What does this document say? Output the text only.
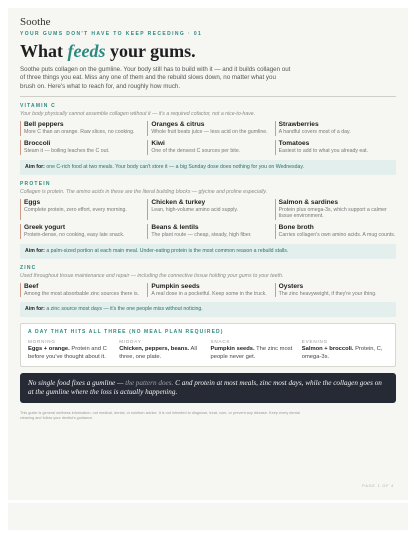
Soothe
YOUR GUMS DON'T HAVE TO KEEP RECEDING · 01
What feeds your gums.

Soothe puts collagen on the gumline. Your body still has to build with it — and it builds collagen out of three things you eat. Miss any one of them and the rebuild slows down, no matter what you brush on. Here's what to reach for, and roughly how much.

VITAMIN C
Your body physically cannot assemble collagen without it — it's a required cofactor, not a nice-to-have.
Bell peppers
More C than an orange. Raw slices, no cooking.
Oranges & citrus
Whole fruit beats juice — less acid on the gumline.
Strawberries
A handful covers most of a day.
Broccoli
Steam it — boiling leaches the C out.
Kiwi
One of the densest C sources per bite.
Tomatoes
Easiest to add to what you already eat.
Aim for: one C-rich food at two meals. Your body can't store it — a big Sunday dose does nothing for you on Wednesday.
PROTEIN
Collagen is protein. The amino acids in these are the literal building blocks — glycine and proline especially.
Eggs
Complete protein, zero effort, every morning.
Chicken & turkey
Lean, high-volume amino acid supply.
Salmon & sardines
Protein plus omega-3s, which support a calmer tissue environment.
Greek yogurt
Protein-dense, no cooking, easy late snack.
Beans & lentils
The plant route — cheap, steady, high fiber.
Bone broth
Carries collagen's own amino acids. A mug counts.
Aim for: a palm-sized portion at each main meal. Under-eating protein is the most common reason a rebuild stalls.
ZINC
Used throughout tissue maintenance and repair — including the connective tissue holding your gums to your teeth.
Beef
Among the most absorbable zinc sources there is.
Pumpkin seeds
A real dose in a pocketful. Keep some in the truck.
Oysters
The zinc heavyweight, if they're your thing.
Aim for: a zinc source most days — it's the one people miss without noticing.
A DAY THAT HITS ALL THREE (NO MEAL PLAN REQUIRED)
MORNING
Eggs + orange. Protein and C before you've thought about it.
MIDDAY
Chicken, peppers, beans. All three, one plate.
SNACK
Pumpkin seeds. The zinc most people never get.
EVENING
Salmon + broccoli. Protein, C, omega-3s.
No single food fixes a gumline — the pattern does. C and protein at most meals, zinc most days, while the collagen goes on at the gumline where the loss is actually happening.

This guide is general wellness information, not medical, dental, or nutrition advice. It is not intended to diagnose, treat, cure, or prevent any disease. Keep every dental cleaning and follow your dentist's guidance.

PAGE 1 OF 4
